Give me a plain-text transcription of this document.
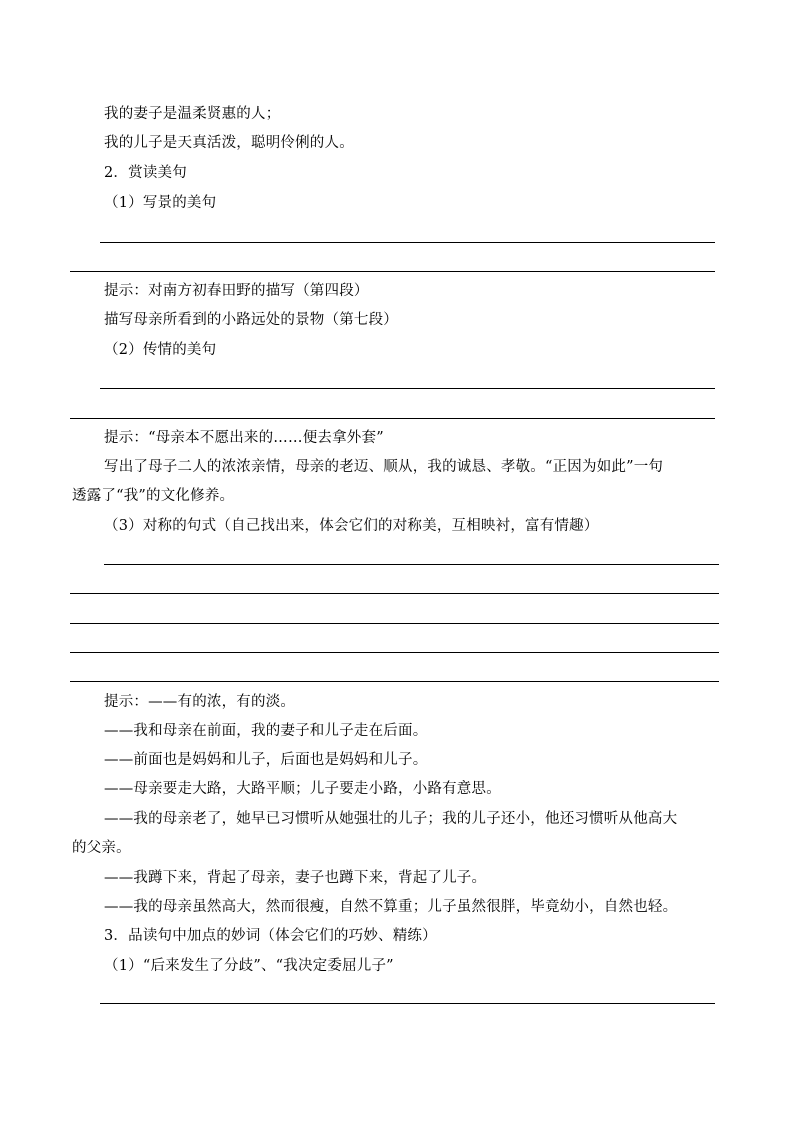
我的妻子是温柔贤惠的人；
我的儿子是天真活泼，聪明伶俐的人。
2．赏读美句
（1）写景的美句
提示：对南方初春田野的描写（第四段）
描写母亲所看到的小路远处的景物（第七段）
（2）传情的美句
提示：“母亲本不愿出来的……便去拿外套”
写出了母子二人的浓浓亲情，母亲的老迈、顺从，我的诚恳、孝敬。“正因为如此”一句
透露了“我”的文化修养。
（3）对称的句式（自己找出来，体会它们的对称美，互相映衬，富有情趣）
提示：——有的浓，有的淡。
——我和母亲在前面，我的妻子和儿子走在后面。
——前面也是妈妈和儿子，后面也是妈妈和儿子。
——母亲要走大路，大路平顺；儿子要走小路，小路有意思。
——我的母亲老了，她早已习惯听从她强壮的儿子；我的儿子还小，他还习惯听从他高大
的父亲。
——我蹲下来，背起了母亲，妻子也蹲下来，背起了儿子。
——我的母亲虽然高大，然而很瘦，自然不算重；儿子虽然很胖，毕竟幼小，自然也轻。
3．品读句中加点的妙词（体会它们的巧妙、精练）
（1）“后来发生了分歧”、“我决定委屈儿子”
